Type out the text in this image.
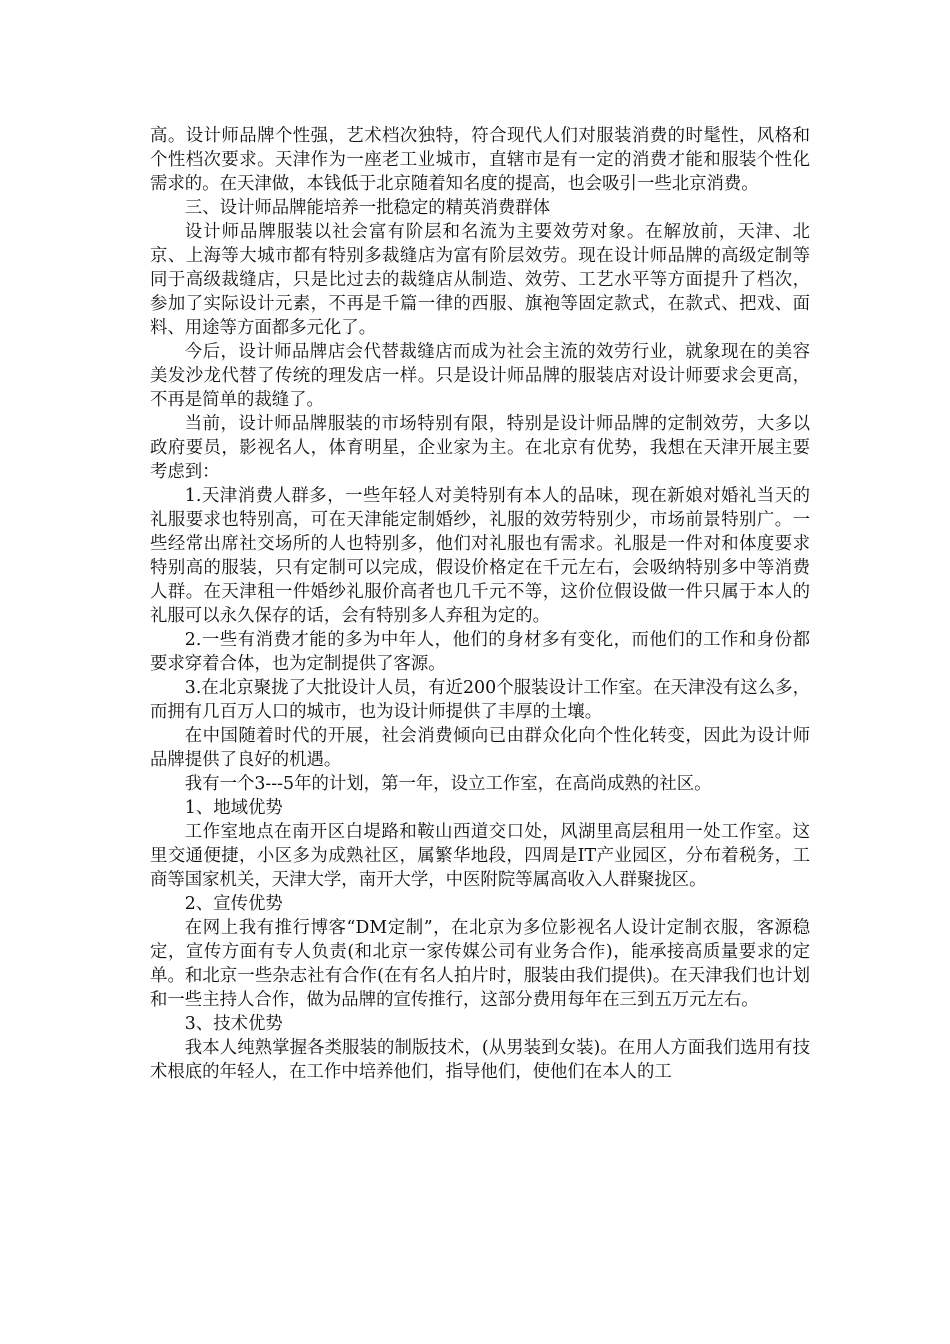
高。设计师品牌个性强，艺术档次独特，符合现代人们对服装消费的时髦性，风格和个性档次要求。天津作为一座老工业城市，直辖市是有一定的消费才能和服装个性化需求的。在天津做，本钱低于北京随着知名度的提高，也会吸引一些北京消费。

三、设计师品牌能培养一批稳定的精英消费群体

设计师品牌服装以社会富有阶层和名流为主要效劳对象。在解放前，天津、北京、上海等大城市都有特别多裁缝店为富有阶层效劳。现在设计师品牌的高级定制等同于高级裁缝店，只是比过去的裁缝店从制造、效劳、工艺水平等方面提升了档次，参加了实际设计元素，不再是千篇一律的西服、旗袍等固定款式，在款式、把戏、面料、用途等方面都多元化了。

今后，设计师品牌店会代替裁缝店而成为社会主流的效劳行业，就象现在的美容美发沙龙代替了传统的理发店一样。只是设计师品牌的服装店对设计师要求会更高，不再是简单的裁缝了。

当前，设计师品牌服装的市场特别有限，特别是设计师品牌的定制效劳，大多以政府要员，影视名人，体育明星，企业家为主。在北京有优势，我想在天津开展主要考虑到：

1.天津消费人群多，一些年轻人对美特别有本人的品味，现在新娘对婚礼当天的礼服要求也特别高，可在天津能定制婚纱，礼服的效劳特别少，市场前景特别广。一些经常出席社交场所的人也特别多，他们对礼服也有需求。礼服是一件对和体度要求特别高的服装，只有定制可以完成，假设价格定在千元左右，会吸纳特别多中等消费人群。在天津租一件婚纱礼服价高者也几千元不等，这价位假设做一件只属于本人的礼服可以永久保存的话，会有特别多人弃租为定的。

2.一些有消费才能的多为中年人，他们的身材多有变化，而他们的工作和身份都要求穿着合体，也为定制提供了客源。

3.在北京聚拢了大批设计人员，有近200个服装设计工作室。在天津没有这么多，而拥有几百万人口的城市，也为设计师提供了丰厚的土壤。

在中国随着时代的开展，社会消费倾向已由群众化向个性化转变，因此为设计师品牌提供了良好的机遇。

我有一个3---5年的计划，第一年，设立工作室，在高尚成熟的社区。

1、地域优势

工作室地点在南开区白堤路和鞍山西道交口处，风湖里高层租用一处工作室。这里交通便捷，小区多为成熟社区，属繁华地段，四周是IT产业园区，分布着税务，工商等国家机关，天津大学，南开大学，中医附院等属高收入人群聚拢区。

2、宣传优势

在网上我有推行博客“DM定制”，在北京为多位影视名人设计定制衣服，客源稳定，宣传方面有专人负责(和北京一家传媒公司有业务合作)，能承接高质量要求的定单。和北京一些杂志社有合作(在有名人拍片时，服装由我们提供)。在天津我们也计划和一些主持人合作，做为品牌的宣传推行，这部分费用每年在三到五万元左右。

3、技术优势

我本人纯熟掌握各类服装的制版技术，(从男装到女装)。在用人方面我们选用有技术根底的年轻人，在工作中培养他们，指导他们，使他们在本人的工
